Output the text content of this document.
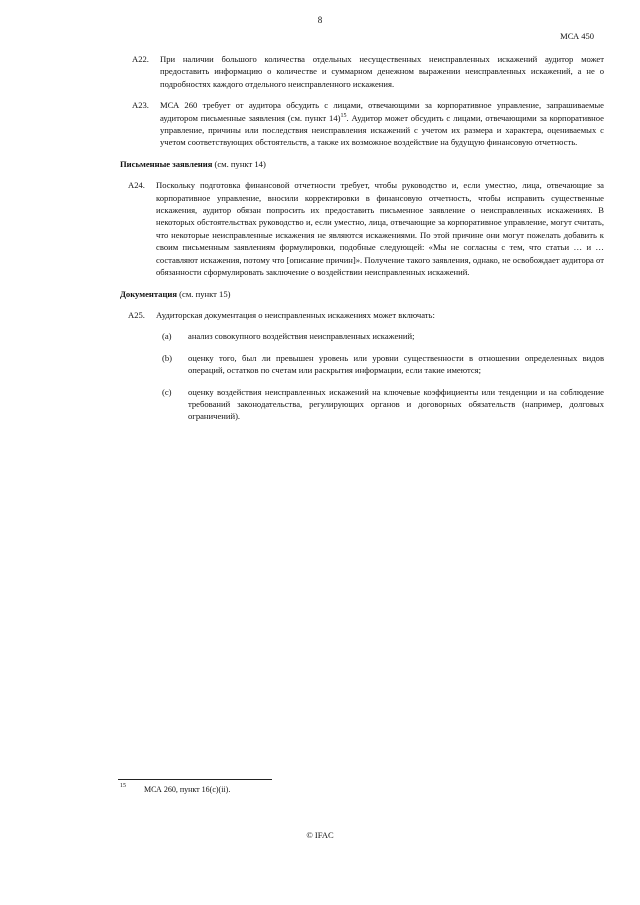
8
МСА 450
A22. При наличии большого количества отдельных несущественных неисправленных искажений аудитор может предоставить информацию о количестве и суммарном денежном выражении неисправленных искажений, а не о подробностях каждого отдельного неисправленного искажения.
A23. МСА 260 требует от аудитора обсудить с лицами, отвечающими за корпоративное управление, запрашиваемые аудитором письменные заявления (см. пункт 14)$^{15}$. Аудитор может обсудить с лицами, отвечающими за корпоративное управление, причины или последствия неисправления искажений с учетом их размера и характера, оцениваемых с учетом соответствующих обстоятельств, а также их возможное воздействие на будущую финансовую отчетность.
Письменные заявления (см. пункт 14)
A24. Поскольку подготовка финансовой отчетности требует, чтобы руководство и, если уместно, лица, отвечающие за корпоративное управление, вносили корректировки в финансовую отчетность, чтобы исправить существенные искажения, аудитор обязан попросить их предоставить письменное заявление о неисправленных искажениях. В некоторых обстоятельствах руководство и, если уместно, лица, отвечающие за корпоративное управление, могут считать, что некоторые неисправленные искажения не являются искажениями. По этой причине они могут пожелать добавить к своим письменным заявлениям формулировки, подобные следующей: «Мы не согласны с тем, что статьи … и … составляют искажения, потому что [описание причин]». Получение такого заявления, однако, не освобождает аудитора от обязанности сформулировать заключение о воздействии неисправленных искажений.
Документация (см. пункт 15)
A25. Аудиторская документация о неисправленных искажениях может включать:
(a) анализ совокупного воздействия неисправленных искажений;
(b) оценку того, был ли превышен уровень или уровни существенности в отношении определенных видов операций, остатков по счетам или раскрытия информации, если такие имеются;
(c) оценку воздействия неисправленных искажений на ключевые коэффициенты или тенденции и на соблюдение требований законодательства, регулирующих органов и договорных обязательств (например, долговых ограничений).
15 МСА 260, пункт 16(c)(ii).
© IFAC
